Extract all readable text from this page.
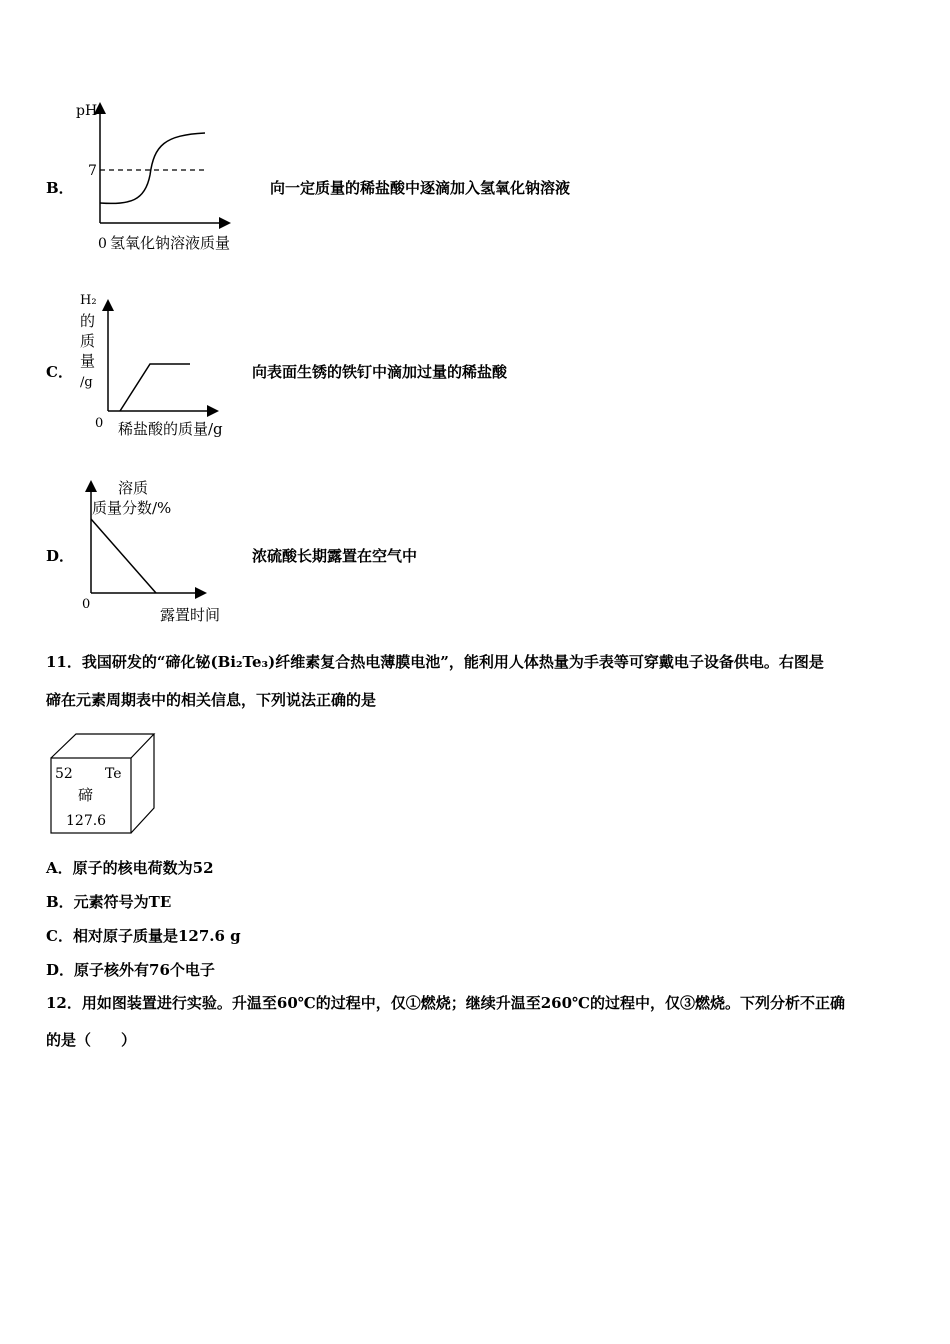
B．
pH
7
0 氢氧化钠溶液质量
向一定质量的稀盐酸中逐滴加入氢氧化钠溶液
C．
H₂
的
质
量
/g
0 稀盐酸的质量/g
向表面生锈的铁钉中滴加过量的稀盐酸
D．
溶质
质量分数/%
0
露置时间
浓硫酸长期露置在空气中
11．我国研发的“碲化铋(Bi₂Te₃)纤维素复合热电薄膜电池”，能利用人体热量为手表等可穿戴电子设备供电。右图是
碲在元素周期表中的相关信息，下列说法正确的是
52 Te
碲
127.6
A．原子的核电荷数为52
B．元素符号为TE
C．相对原子质量是127.6 g
D．原子核外有76个电子
12．用如图装置进行实验。升温至60℃的过程中，仅①燃烧；继续升温至260℃的过程中，仅③燃烧。下列分析不正确
的是（　　）
